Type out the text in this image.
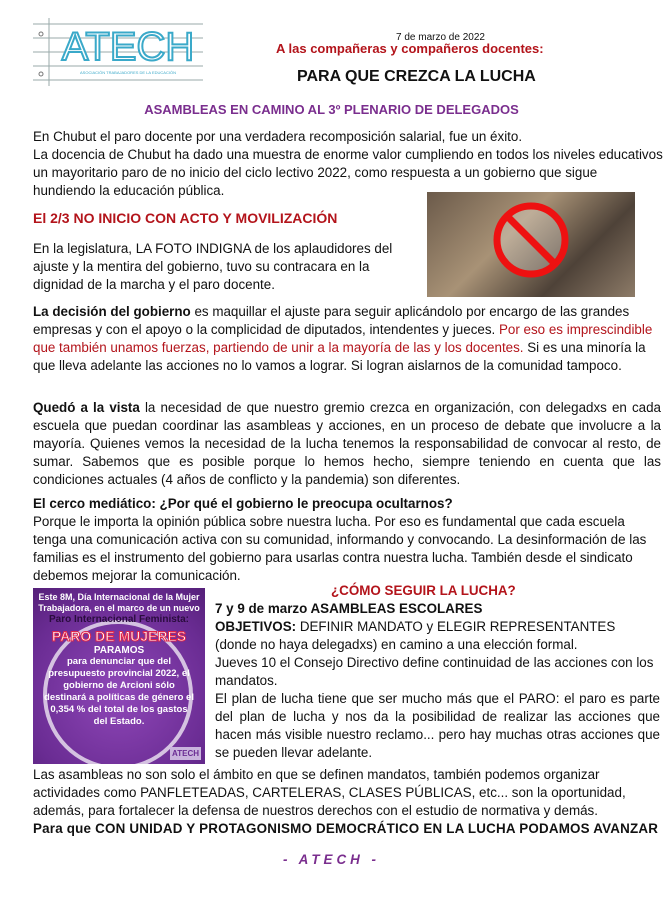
ATECH
ASOCIACIÓN TRABAJADORES DE LA EDUCACIÓN
7 de marzo de 2022
A las compañeras y compañeros docentes:
PARA QUE CREZCA LA LUCHA
ASAMBLEAS EN CAMINO AL 3º PLENARIO DE DELEGADOS
En Chubut el paro docente por una verdadera recomposición salarial, fue un éxito.
La docencia de Chubut ha dado una muestra de enorme valor cumpliendo en todos los niveles educativos un mayoritario paro de no inicio del ciclo lectivo 2022, como respuesta a un gobierno que sigue hundiendo la educación pública.
El 2/3 NO INICIO CON ACTO Y MOVILIZACIÓN
En la legislatura, LA FOTO INDIGNA de los aplaudidores del ajuste y la mentira del gobierno, tuvo su contracara en la dignidad de la marcha y el paro docente.
La decisión del gobierno es maquillar el ajuste para seguir aplicándolo por encargo de las grandes empresas y con el apoyo o la complicidad de diputados, intendentes y jueces. Por eso es imprescindible que también unamos fuerzas, partiendo de unir a la mayoría de las y los docentes. Si es una minoría la que lleva adelante las acciones no lo vamos a lograr. Si logran aislarnos de la comunidad tampoco.
Quedó a la vista la necesidad de que nuestro gremio crezca en organización, con delegadxs en cada escuela que puedan coordinar las asambleas y acciones, en un proceso de debate que involucre a la mayoría. Quienes vemos la necesidad de la lucha tenemos la responsabilidad de convocar al resto, de sumar. Sabemos que es posible porque lo hemos hecho, siempre teniendo en cuenta que las condiciones actuales (4 años de conflicto y la pandemia) son diferentes.
El cerco mediático: ¿Por qué el gobierno le preocupa ocultarnos?
Porque le importa la opinión pública sobre nuestra lucha. Por eso es fundamental que cada escuela tenga una comunicación activa con su comunidad, informando y convocando. La desinformación de las familias es el instrumento del gobierno para usarlas contra nuestra lucha. También desde el sindicato debemos mejorar la comunicación.
Este 8M, Día Internacional de la Mujer Trabajadora, en el marco de un nuevo
Paro Internacional Feminista:
PARO DE MUJERES
PARAMOS
para denunciar que del presupuesto provincial 2022, el gobierno de Arcioni sólo destinará a políticas de género el 0,354 % del total de los gastos del Estado.
ATECH
¿CÓMO SEGUIR LA LUCHA?
7 y 9 de marzo ASAMBLEAS ESCOLARES
OBJETIVOS: DEFINIR MANDATO y ELEGIR REPRESENTANTES (donde no haya delegadxs) en camino a una elección formal.
Jueves 10 el Consejo Directivo define continuidad de las acciones con los mandatos.
El plan de lucha tiene que ser mucho más que el PARO: el paro es parte del plan de lucha y nos da la posibilidad de realizar las acciones que hacen más visible nuestro reclamo... pero hay muchas otras acciones que se pueden llevar adelante.
Las asambleas no son solo el ámbito en que se definen mandatos, también podemos organizar actividades como PANFLETEADAS, CARTELERAS, CLASES PÚBLICAS, etc... son la oportunidad, además, para fortalecer la defensa de nuestros derechos con el estudio de normativa y demás.
Para que CON UNIDAD Y PROTAGONISMO DEMOCRÁTICO EN LA LUCHA PODAMOS AVANZAR
- ATECH -
